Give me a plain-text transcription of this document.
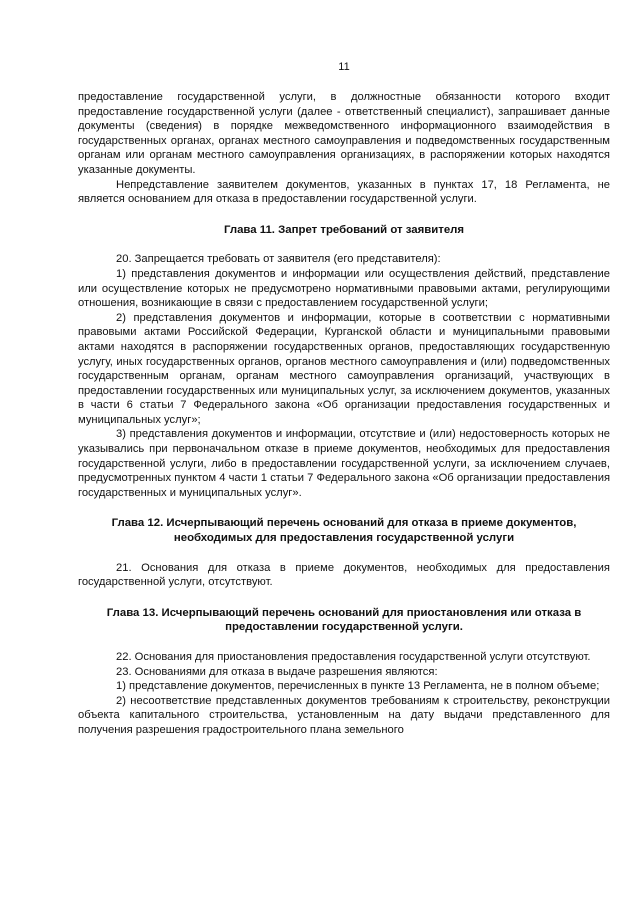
11

предоставление государственной услуги, в должностные обязанности которого входит предоставление государственной услуги (далее - ответственный специалист), запрашивает данные документы (сведения) в порядке межведомственного информационного взаимодействия в государственных органах, органах местного самоуправления и подведомственных государственным органам или органам местного самоуправления организациях, в распоряжении которых находятся указанные документы.

Непредставление заявителем документов, указанных в пунктах 17, 18 Регламента, не является основанием для отказа в предоставлении государственной услуги.

Глава 11. Запрет требований от заявителя

20. Запрещается требовать от заявителя (его представителя):

1) представления документов и информации или осуществления действий, представление или осуществление которых не предусмотрено нормативными правовыми актами, регулирующими отношения, возникающие в связи с предоставлением государственной услуги;

2) представления документов и информации, которые в соответствии с нормативными правовыми актами Российской Федерации, Курганской области и муниципальными правовыми актами находятся в распоряжении государственных органов, предоставляющих государственную услугу, иных государственных органов, органов местного самоуправления и (или) подведомственных государственным органам, органам местного самоуправления организаций, участвующих в предоставлении государственных или муниципальных услуг, за исключением документов, указанных в части 6 статьи 7 Федерального закона «Об организации предоставления государственных и муниципальных услуг»;

3) представления документов и информации, отсутствие и (или) недостоверность которых не указывались при первоначальном отказе в приеме документов, необходимых для предоставления государственной услуги, либо в предоставлении государственной услуги, за исключением случаев, предусмотренных пунктом 4 части 1 статьи 7 Федерального закона «Об организации предоставления государственных и муниципальных услуг».

Глава 12. Исчерпывающий перечень оснований для отказа в приеме документов, необходимых для предоставления государственной услуги

21. Основания для отказа в приеме документов, необходимых для предоставления государственной услуги, отсутствуют.

Глава 13. Исчерпывающий перечень оснований для приостановления или отказа в предоставлении государственной услуги.

22. Основания для приостановления предоставления государственной услуги отсутствуют.

23. Основаниями для отказа в выдаче разрешения являются:

1) представление документов, перечисленных в пункте 13 Регламента, не в полном объеме;

2) несоответствие представленных документов требованиям к строительству, реконструкции объекта капитального строительства, установленным на дату выдачи представленного для получения разрешения градостроительного плана земельного
